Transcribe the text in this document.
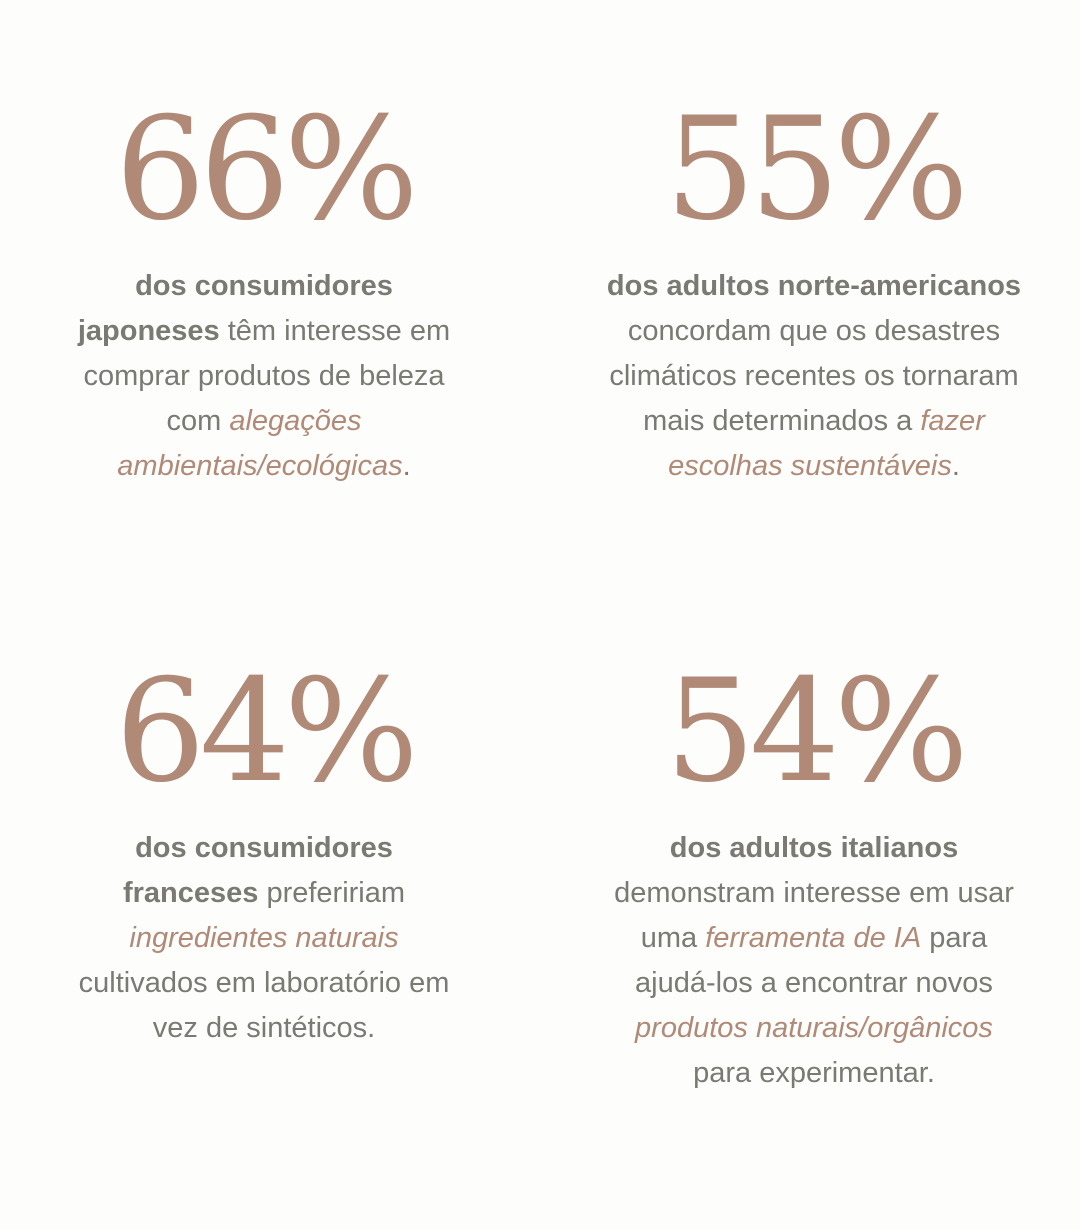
66%

dos consumidores japoneses têm interesse em comprar produtos de beleza com alegações ambientais/ecológicas.

55%

dos adultos norte-americanos concordam que os desastres climáticos recentes os tornaram mais determinados a fazer escolhas sustentáveis.

64%

dos consumidores franceses prefeririam ingredientes naturais cultivados em laboratório em vez de sintéticos.

54%

dos adultos italianos demonstram interesse em usar uma ferramenta de IA para ajudá-los a encontrar novos produtos naturais/orgânicos para experimentar.
